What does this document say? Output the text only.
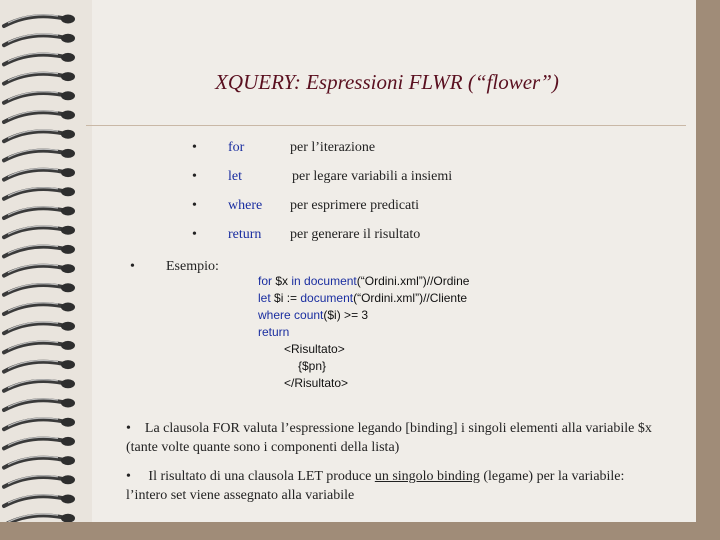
XQUERY: Espressioni FLWR (“flower”)
• for	per l’iterazione
• let	per legare variabili a insiemi
• where per esprimere predicati
• return per generare il risultato
• Esempio:
for $x in document(“Ordini.xml”)//Ordine
let $i := document(“Ordini.xml”)//Cliente
where count($i) >= 3
return
<Risultato>
{$pn}
</Risultato>
• La clausola FOR valuta l’espressione legando [binding] i singoli elementi alla variabile $x (tante volte quante sono i componenti della lista)
• Il risultato di una clausola LET produce un singolo binding (legame) per la variabile: l’intero set viene assegnato alla variabile
